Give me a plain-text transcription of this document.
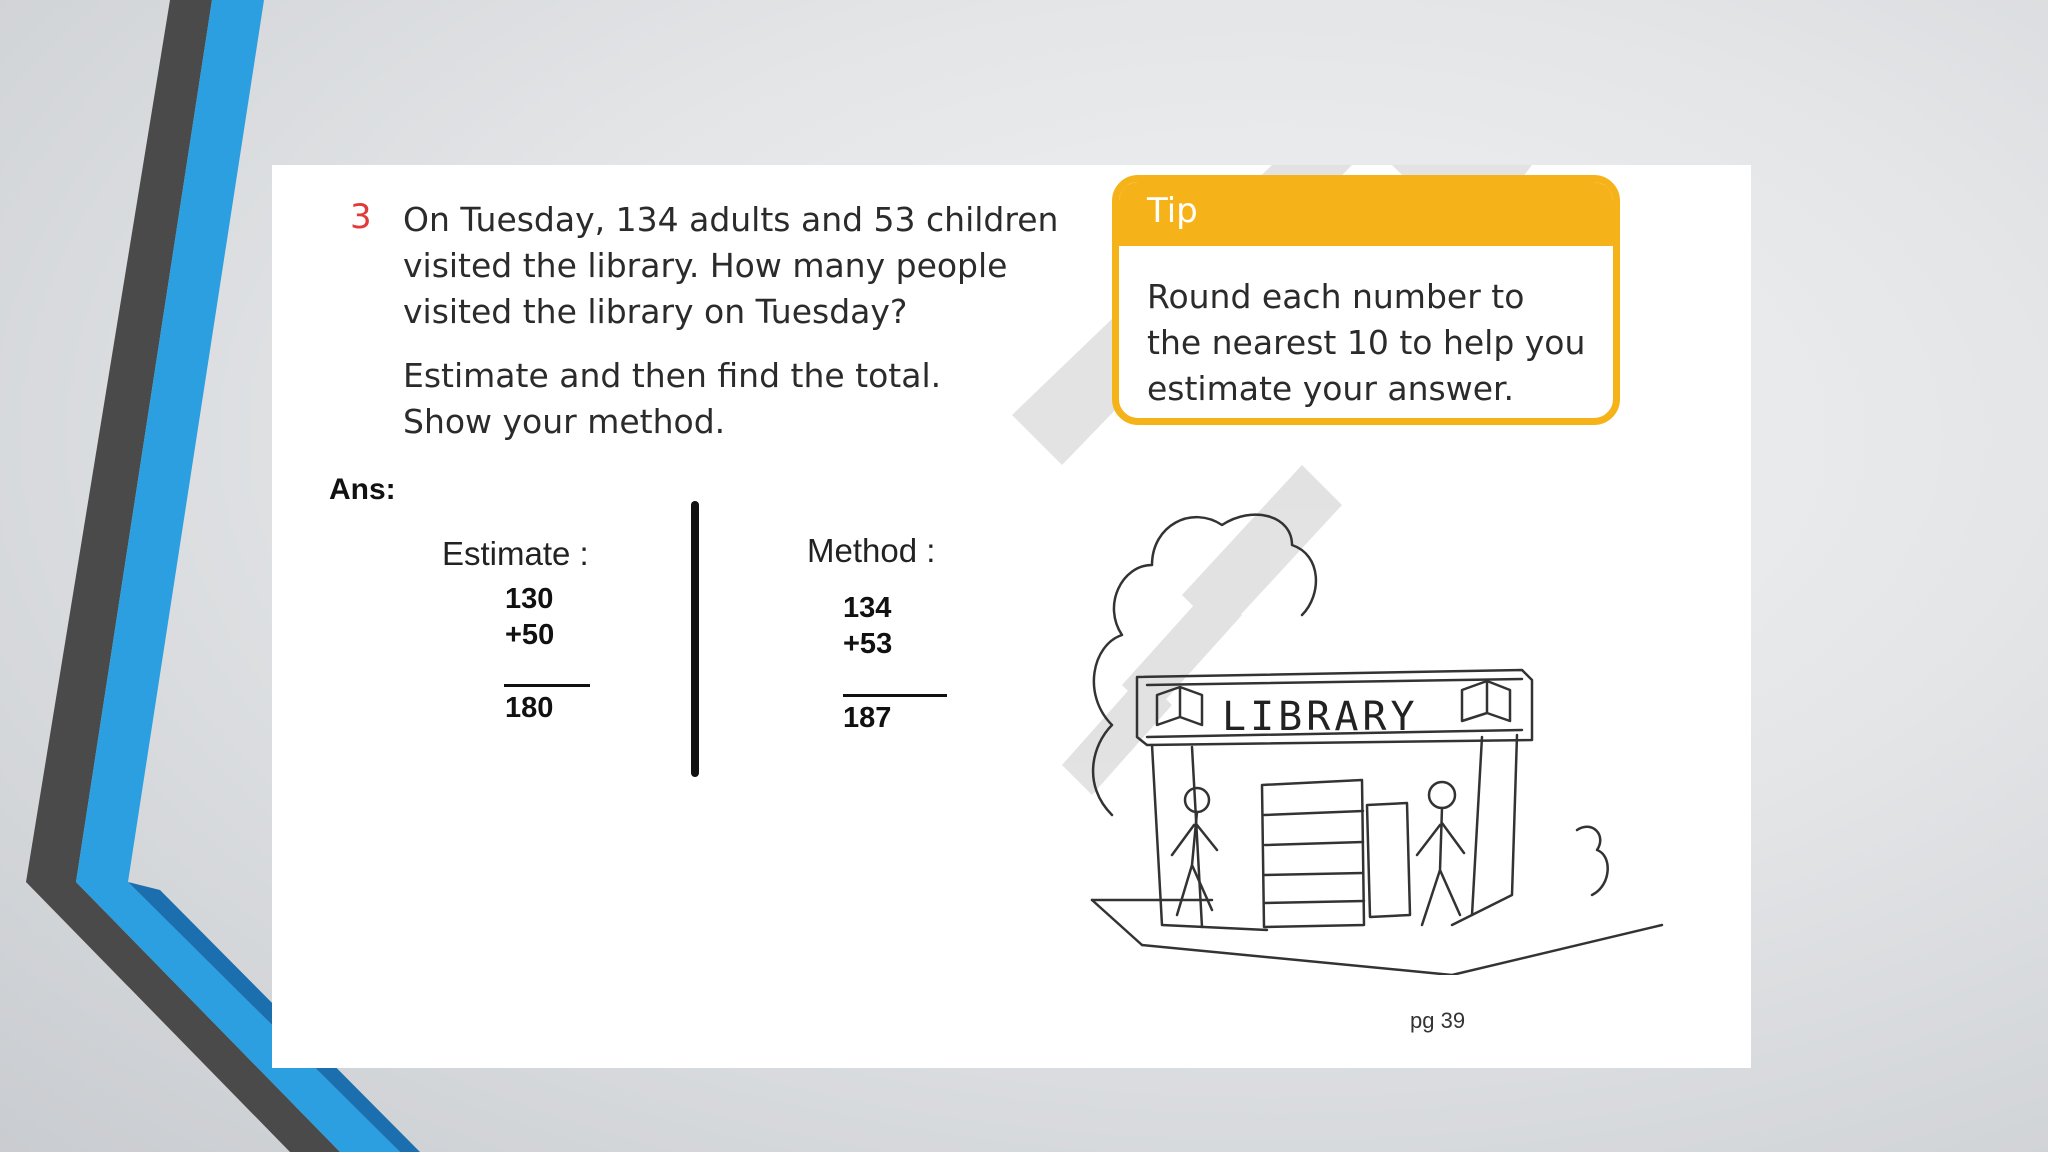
3 On Tuesday, 134 adults and 53 children
visited the library. How many people
visited the library on Tuesday?

Estimate and then find the total.
Show your method.

Tip
Round each number to
the nearest 10 to help you
estimate your answer.
Ans:
Estimate :
130
+50
180
Method :
134
+53
187	LIBRARY
pg 39
